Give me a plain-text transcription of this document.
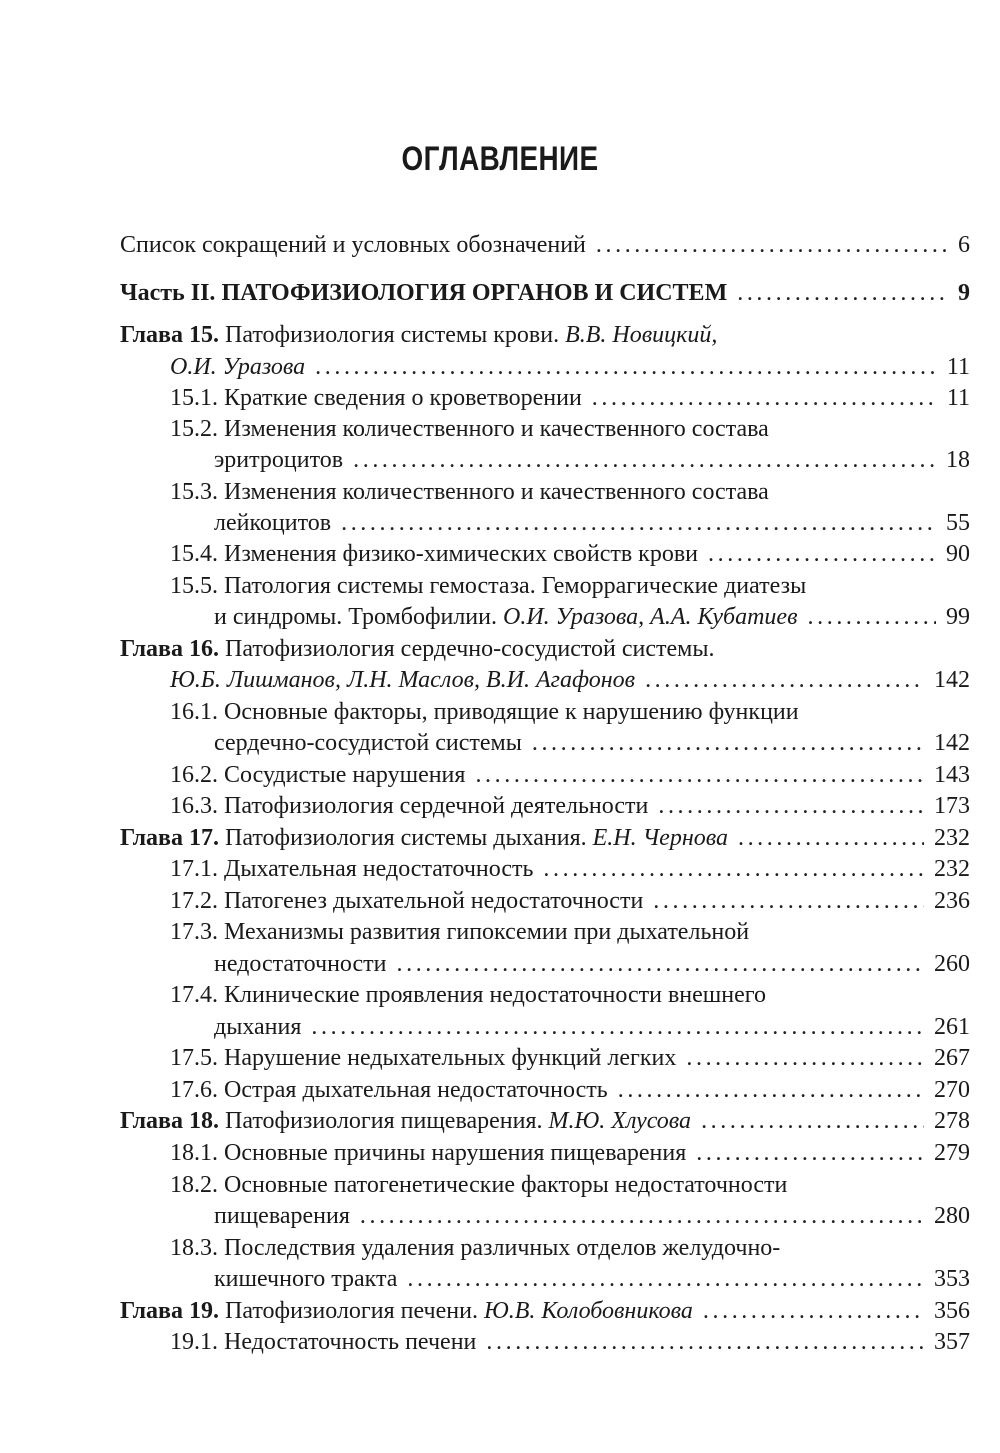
ОГЛАВЛЕНИЕ
Список сокращений и условных обозначений . . .	6
Часть II. ПАТОФИЗИОЛОГИЯ ОРГАНОВ И СИСТЕМ . . .	9
Глава 15. Патофизиология системы крови. В.В. Новицкий,
О.И. Уразова . . .	11
15.1. Краткие сведения о кроветворении . . .	11
15.2. Изменения количественного и качественного состава
эритроцитов . . .	18
15.3. Изменения количественного и качественного состава
лейкоцитов . . .	55
15.4. Изменения физико-химических свойств крови . . .	90
15.5. Патология системы гемостаза. Геморрагические диатезы
и синдромы. Тромбофилии. О.И. Уразова, А.А. Кубатиев . . .	99
Глава 16. Патофизиология сердечно-сосудистой системы.
Ю.Б. Лишманов, Л.Н. Маслов, В.И. Агафонов . . .	142
16.1. Основные факторы, приводящие к нарушению функции
сердечно-сосудистой системы . . .	142
16.2. Сосудистые нарушения . . .	143
16.3. Патофизиология сердечной деятельности . . .	173
Глава 17. Патофизиология системы дыхания. Е.Н. Чернова . . .	232
17.1. Дыхательная недостаточность . . .	232
17.2. Патогенез дыхательной недостаточности . . .	236
17.3. Механизмы развития гипоксемии при дыхательной
недостаточности . . .	260
17.4. Клинические проявления недостаточности внешнего
дыхания . . .	261
17.5. Нарушение недыхательных функций легких . . .	267
17.6. Острая дыхательная недостаточность . . .	270
Глава 18. Патофизиология пищеварения. М.Ю. Хлусова . . .	278
18.1. Основные причины нарушения пищеварения . . .	279
18.2. Основные патогенетические факторы недостаточности
пищеварения . . .	280
18.3. Последствия удаления различных отделов желудочно-
кишечного тракта . . .	353
Глава 19. Патофизиология печени. Ю.В. Колобовникова . . .	356
19.1. Недостаточность печени . . .	357
